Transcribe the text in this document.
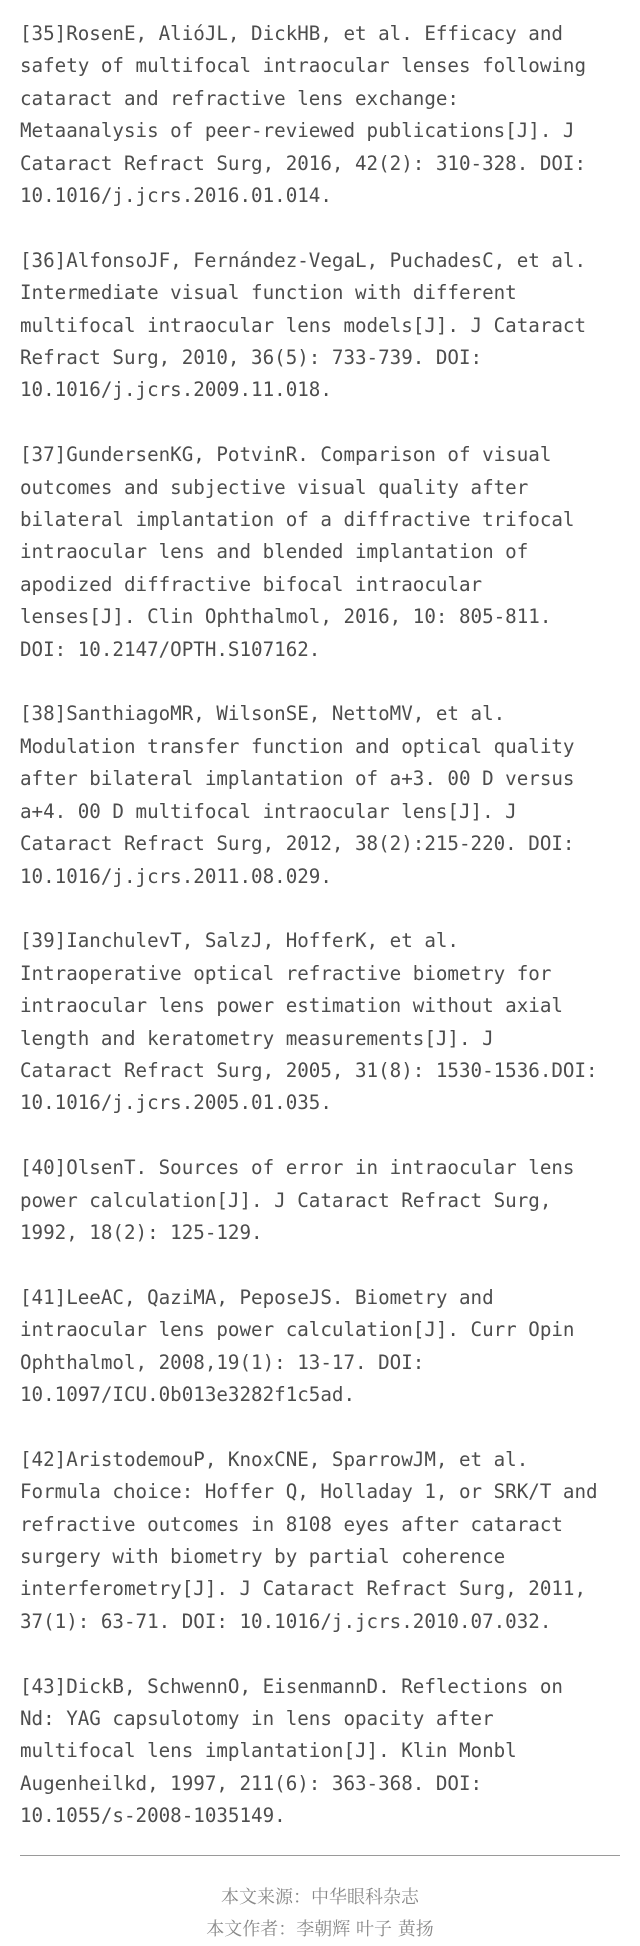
[35]RosenE, AlióJL, DickHB, et al. Efficacy and
safety of multifocal intraocular lenses following
cataract and refractive lens exchange:
Metaanalysis of peer-reviewed publications[J]. J
Cataract Refract Surg, 2016, 42(2): 310-328. DOI:
10.1016/j.jcrs.2016.01.014.
[36]AlfonsoJF, Fernández-VegaL, PuchadesC, et al.
Intermediate visual function with different
multifocal intraocular lens models[J]. J Cataract
Refract Surg, 2010, 36(5): 733-739. DOI:
10.1016/j.jcrs.2009.11.018.
[37]GundersenKG, PotvinR. Comparison of visual
outcomes and subjective visual quality after
bilateral implantation of a diffractive trifocal
intraocular lens and blended implantation of
apodized diffractive bifocal intraocular
lenses[J]. Clin Ophthalmol, 2016, 10: 805-811.
DOI: 10.2147/OPTH.S107162.
[38]SanthiagoMR, WilsonSE, NettoMV, et al.
Modulation transfer function and optical quality
after bilateral implantation of a+3. 00 D versus
a+4. 00 D multifocal intraocular lens[J]. J
Cataract Refract Surg, 2012, 38(2):215-220. DOI:
10.1016/j.jcrs.2011.08.029.
[39]IanchulevT, SalzJ, HofferK, et al.
Intraoperative optical refractive biometry for
intraocular lens power estimation without axial
length and keratometry measurements[J]. J
Cataract Refract Surg, 2005, 31(8): 1530-1536.DOI:
10.1016/j.jcrs.2005.01.035.
[40]OlsenT. Sources of error in intraocular lens
power calculation[J]. J Cataract Refract Surg,
1992, 18(2): 125-129.
[41]LeeAC, QaziMA, PeposeJS. Biometry and
intraocular lens power calculation[J]. Curr Opin
Ophthalmol, 2008,19(1): 13-17. DOI:
10.1097/ICU.0b013e3282f1c5ad.
[42]AristodemouP, KnoxCNE, SparrowJM, et al.
Formula choice: Hoffer Q, Holladay 1, or SRK/T and
refractive outcomes in 8108 eyes after cataract
surgery with biometry by partial coherence
interferometry[J]. J Cataract Refract Surg, 2011,
37(1): 63-71. DOI: 10.1016/j.jcrs.2010.07.032.
[43]DickB, SchwennO, EisenmannD. Reflections on
Nd: YAG capsulotomy in lens opacity after
multifocal lens implantation[J]. Klin Monbl
Augenheilkd, 1997, 211(6): 363-368. DOI:
10.1055/s-2008-1035149.
本文来源：中华眼科杂志
本文作者：李朝辉 叶子 黄扬
